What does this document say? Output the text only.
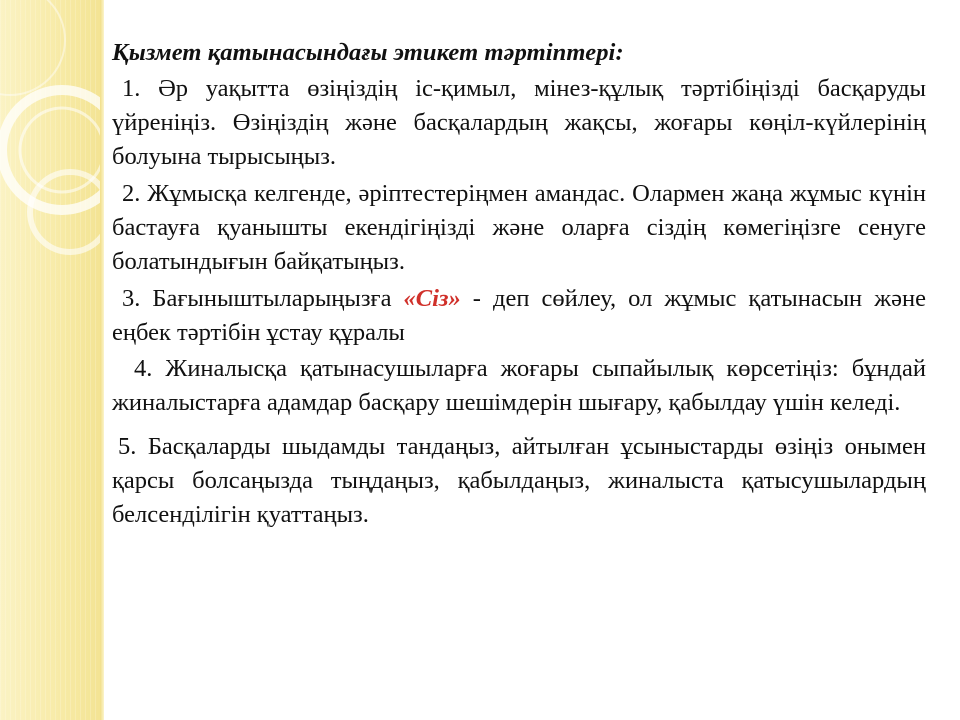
Қызмет қатынасындағы этикет тәртіптері:

1. Әр уақытта өзіңіздің іс-қимыл, мінез-құлық тәртібіңізді басқаруды үйреніңіз. Өзіңіздің және басқалардың жақсы, жоғары көңіл-күйлерінің болуына тырысыңыз.

2. Жұмысқа келгенде, әріптестеріңмен амандас. Олармен жаңа жұмыс күнін бастауға қуанышты екендігіңізді және оларға сіздің көмегіңізге сенуге болатындығын байқатыңыз.

3. Бағыныштыларыңызға «Сіз» - деп сөйлеу, ол жұмыс қатынасын және еңбек тәртібін ұстау құралы

4. Жиналысқа қатынасушыларға жоғары сыпайылық көрсетіңіз: бұндай жиналыстарға адамдар басқару шешімдерін шығару, қабылдау үшін келеді.

5. Басқаларды шыдамды тандаңыз, айтылған ұсыныстарды өзіңіз онымен қарсы болсаңызда тыңдаңыз, қабылдаңыз, жиналыста қатысушылардың белсенділігін қуаттаңыз.
